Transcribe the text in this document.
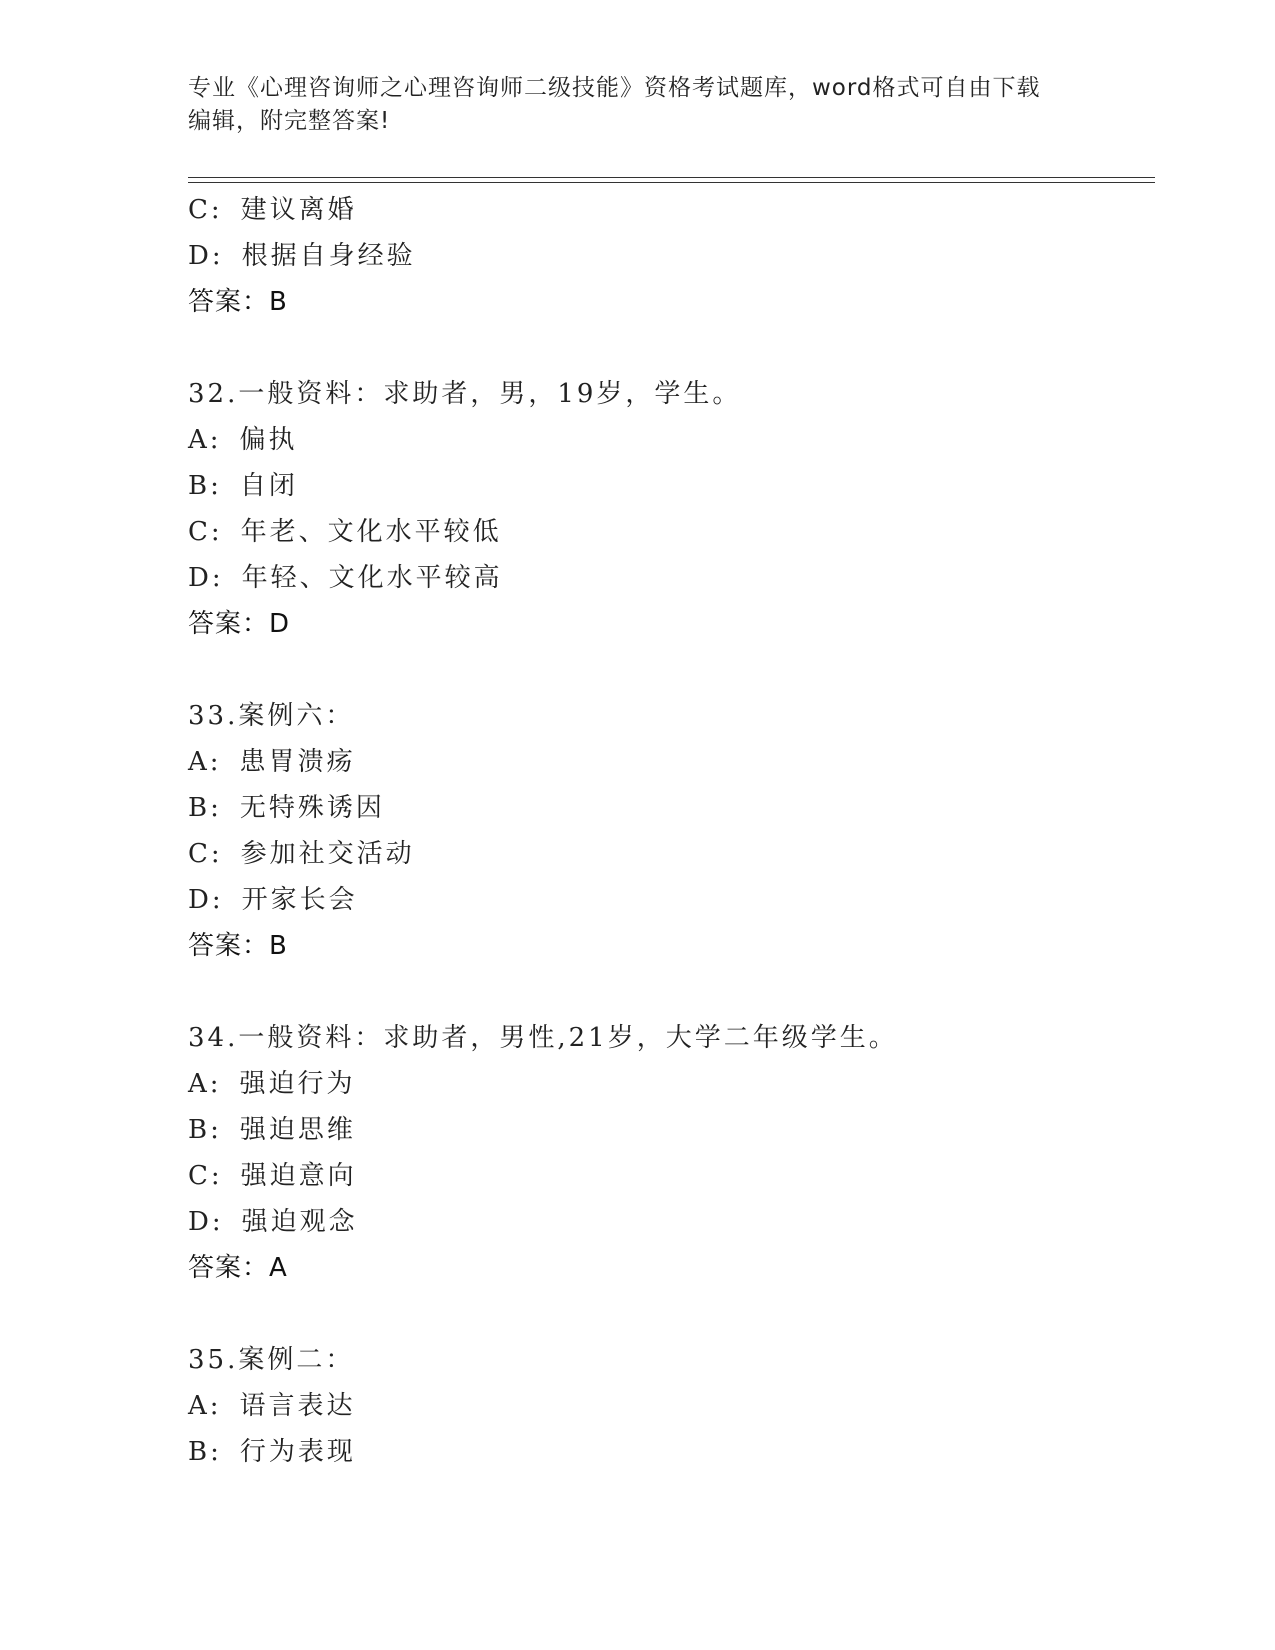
专业《心理咨询师之心理咨询师二级技能》资格考试题库，word格式可自由下载
编辑，附完整答案!
C: 建议离婚
D: 根据自身经验
答案：B
32.一般资料：求助者，男，19岁，学生。
A: 偏执
B: 自闭
C: 年老、文化水平较低
D: 年轻、文化水平较高
答案：D
33.案例六：
A: 患胃溃疡
B: 无特殊诱因
C: 参加社交活动
D: 开家长会
答案：B
34.一般资料：求助者，男性,21岁，大学二年级学生。
A: 强迫行为
B: 强迫思维
C: 强迫意向
D: 强迫观念
答案：A
35.案例二：
A: 语言表达
B: 行为表现
